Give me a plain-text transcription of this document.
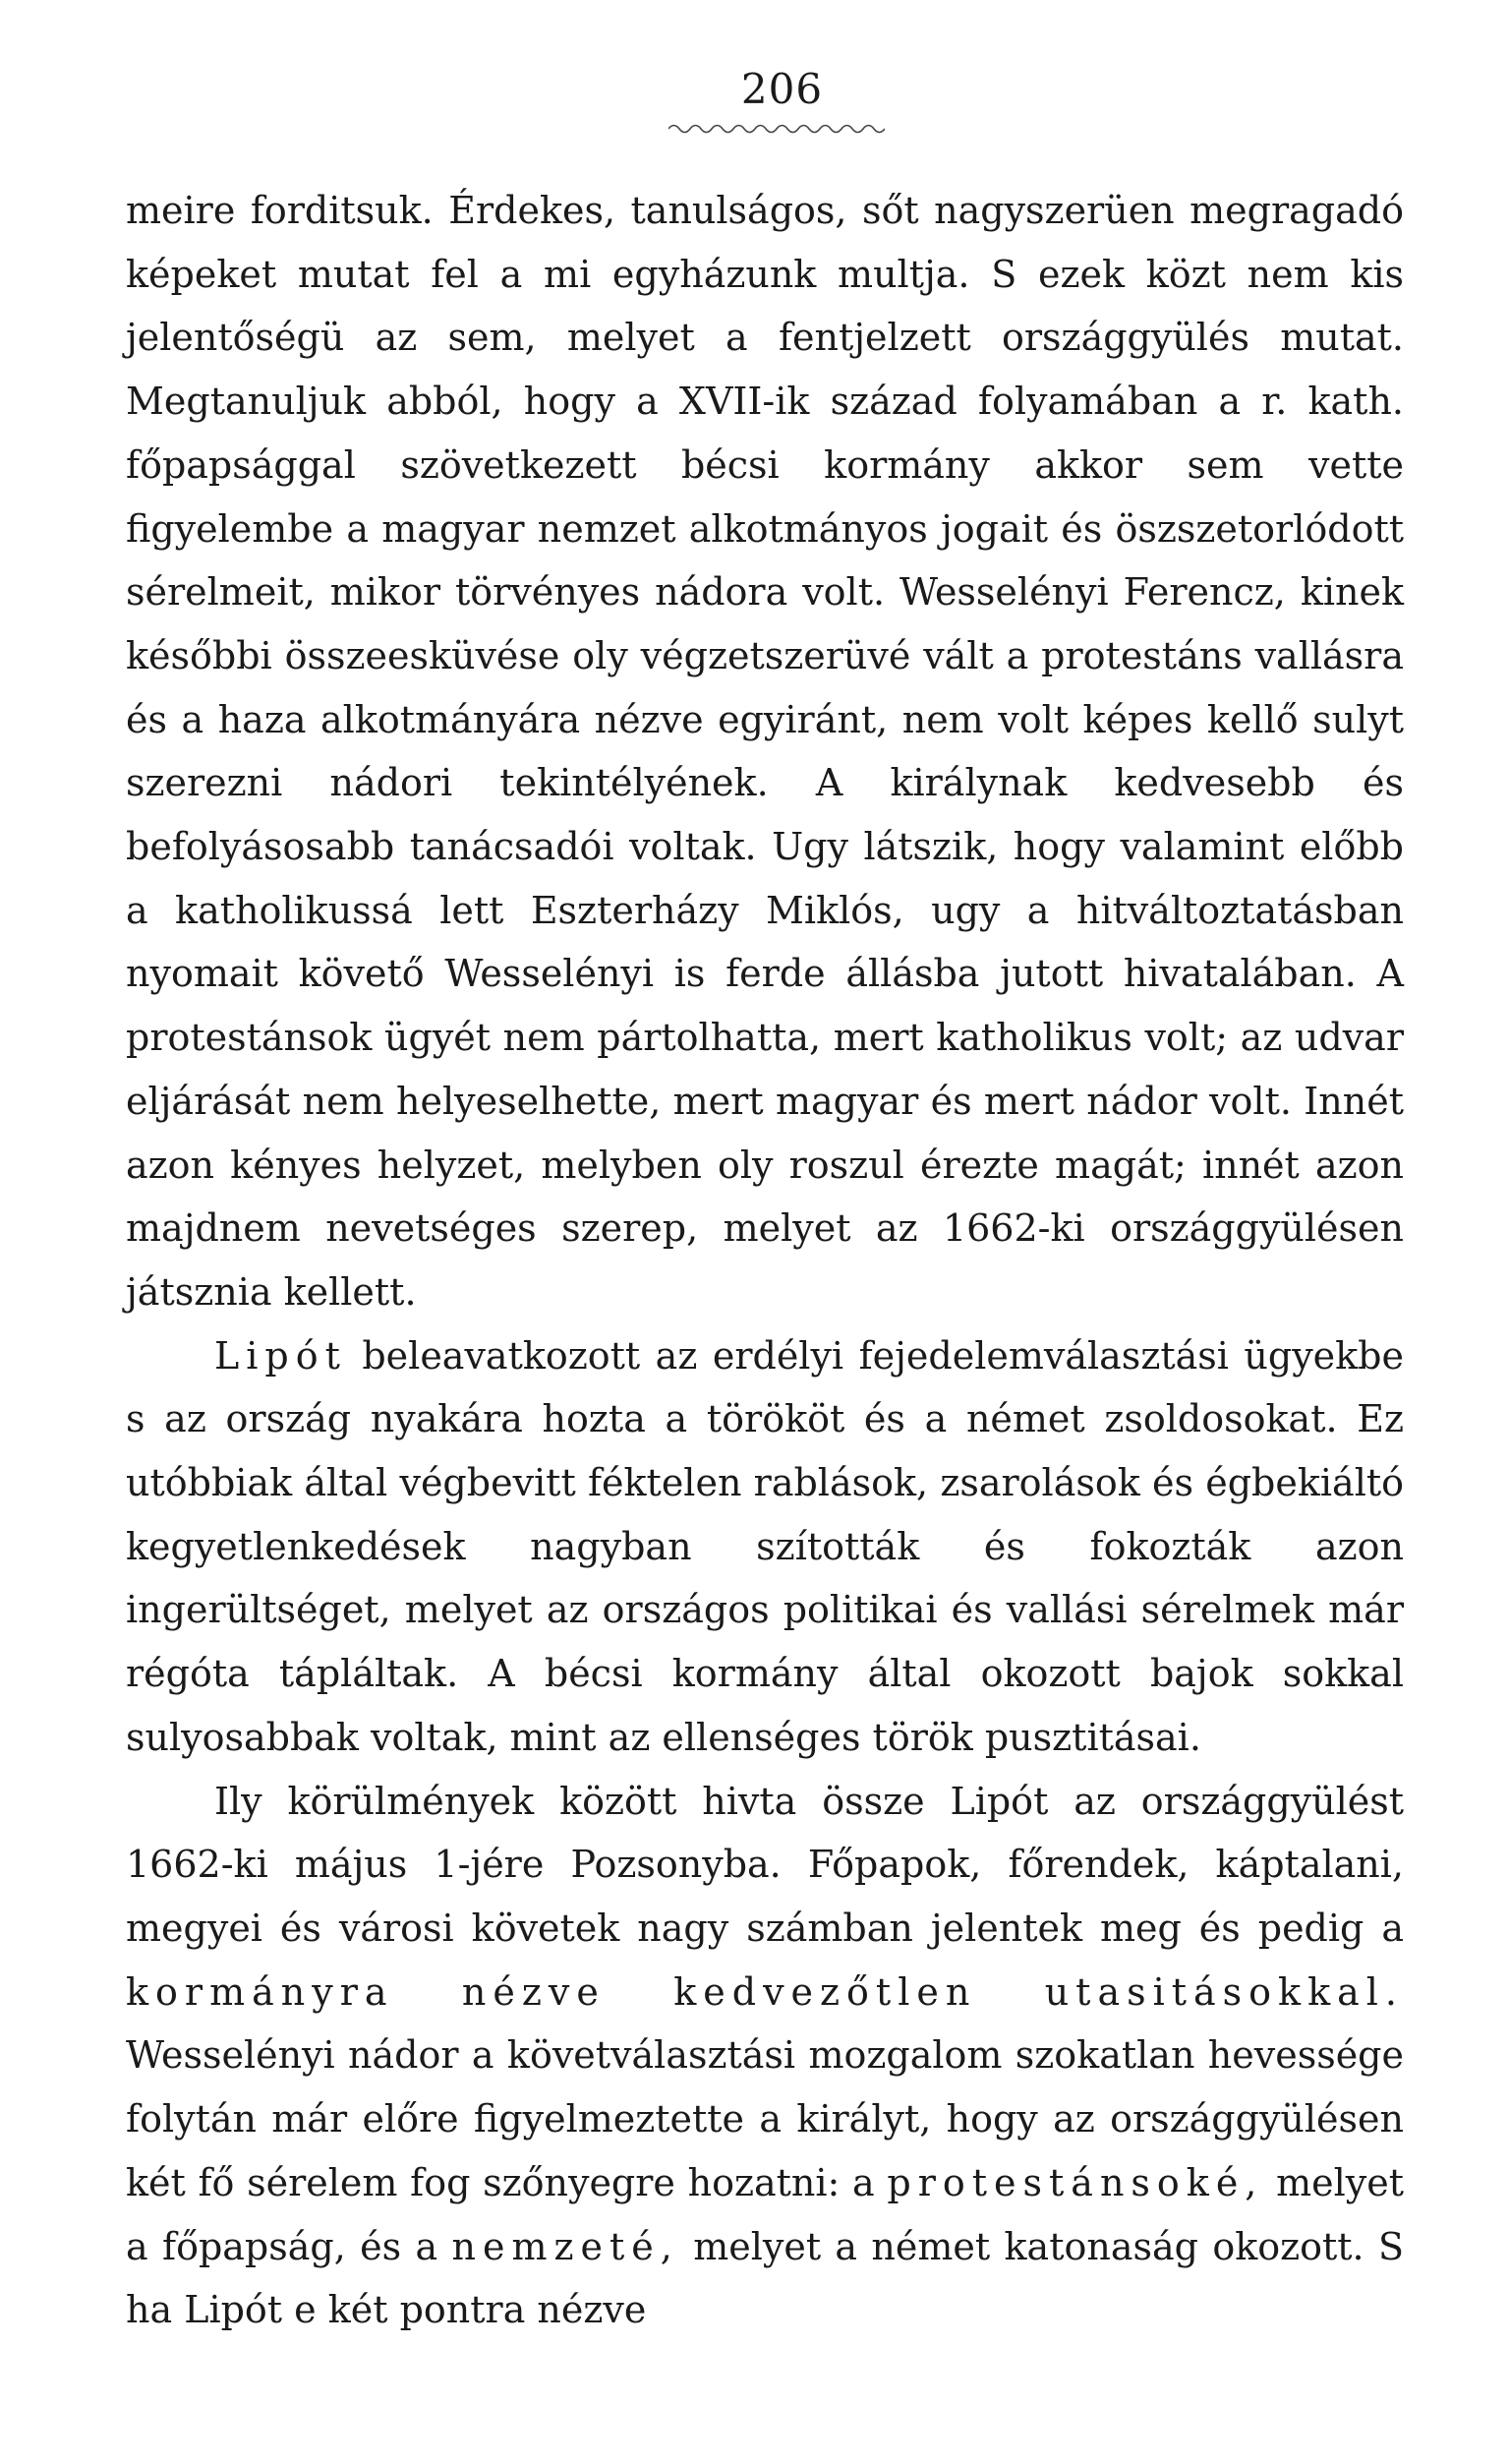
206

meire forditsuk. Érdekes, tanulságos, sőt nagyszerüen megragadó képeket mutat fel a mi egyházunk multja. S ezek közt nem kis jelentőségü az sem, melyet a fentjelzett országgyülés mutat. Megtanuljuk abból, hogy a XVII-ik század folyamában a r. kath. főpapsággal szövetkezett bécsi kormány akkor sem vette figyelembe a magyar nemzet alkotmányos jogait és öszszetorlódott sérelmeit, mikor törvényes nádora volt. Wesselényi Ferencz, kinek későbbi összeesküvése oly végzetszerüvé vált a protestáns vallásra és a haza alkotmányára nézve egyiránt, nem volt képes kellő sulyt szerezni nádori tekintélyének. A királynak kedvesebb és befolyásosabb tanácsadói voltak. Ugy látszik, hogy valamint előbb a katholikussá lett Eszterházy Miklós, ugy a hitváltoztatásban nyomait követő Wesselényi is ferde állásba jutott hivatalában. A protestánsok ügyét nem pártolhatta, mert katholikus volt; az udvar eljárását nem helyeselhette, mert magyar és mert nádor volt. Innét azon kényes helyzet, melyben oly roszul érezte magát; innét azon majdnem nevetséges szerep, melyet az 1662-ki országgyülésen játsznia kellett.

Lipót beleavatkozott az erdélyi fejedelemválasztási ügyekbe s az ország nyakára hozta a törököt és a német zsoldosokat. Ez utóbbiak által végbevitt féktelen rablások, zsarolások és égbekiáltó kegyetlenkedések nagyban szították és fokozták azon ingerültséget, melyet az országos politikai és vallási sérelmek már régóta tápláltak. A bécsi kormány által okozott bajok sokkal sulyosabbak voltak, mint az ellenséges török pusztitásai.

Ily körülmények között hivta össze Lipót az országgyülést 1662-ki május 1-jére Pozsonyba. Főpapok, főrendek, káptalani, megyei és városi követek nagy számban jelentek meg és pedig a kormányra nézve kedvezőtlen utasitásokkal. Wesselényi nádor a követválasztási mozgalom szokatlan hevessége folytán már előre figyelmeztette a királyt, hogy az országgyülésen két fő sérelem fog szőnyegre hozatni: a protestánsoké, melyet a főpapság, és a nemzeté, melyet a német katonaság okozott. S ha Lipót e két pontra nézve
